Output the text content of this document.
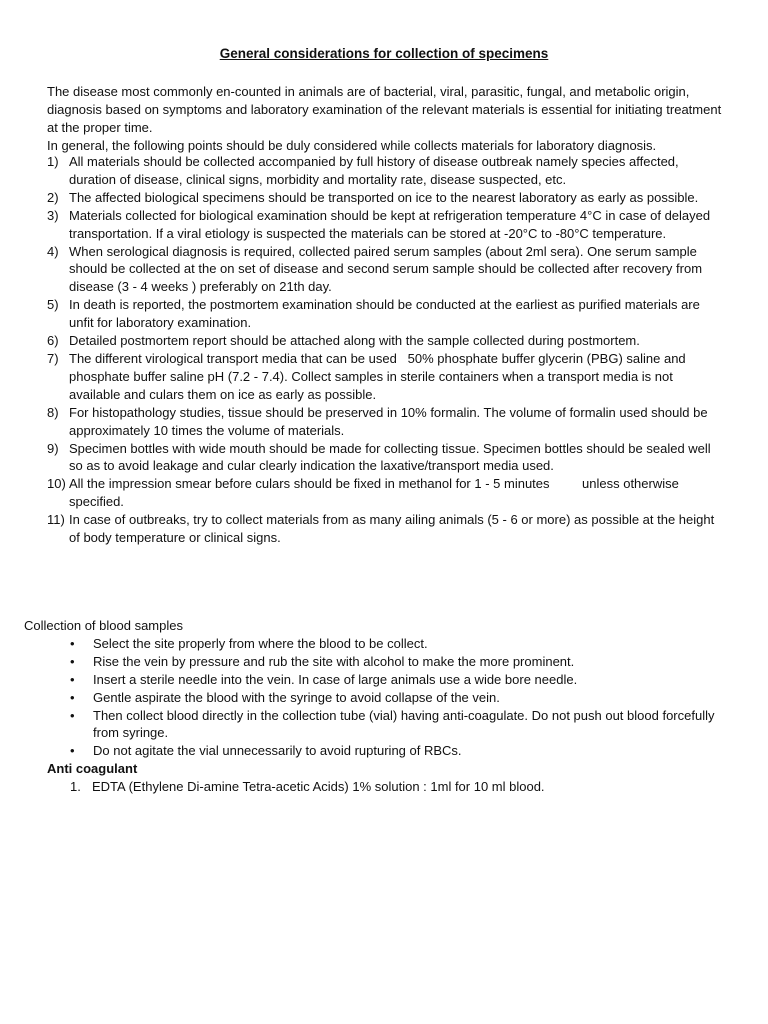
General considerations for collection of specimens

The disease most commonly en-counted in animals are of bacterial, viral, parasitic, fungal, and metabolic origin, diagnosis based on symptoms and laboratory examination of the relevant materials is essential for initiating treatment at the proper time.

In general, the following points should be duly considered while collects materials for laboratory diagnosis.

1) All materials should be collected accompanied by full history of disease outbreak namely species affected, duration of disease, clinical signs, morbidity and mortality rate, disease suspected, etc.
2) The affected biological specimens should be transported on ice to the nearest laboratory as early as possible.
3) Materials collected for biological examination should be kept at refrigeration temperature 4°C in case of delayed transportation. If a viral etiology is suspected the materials can be stored at -20°C to -80°C temperature.
4) When serological diagnosis is required, collected paired serum samples (about 2ml sera). One serum sample should be collected at the on set of disease and second serum sample should be collected after recovery from disease (3 - 4 weeks ) preferably on 21th day.
5) In death is reported, the postmortem examination should be conducted at the earliest as purified materials are unfit for laboratory examination.
6) Detailed postmortem report should be attached along with the sample collected during postmortem.
7) The different virological transport media that can be used   50% phosphate buffer glycerin (PBG) saline and phosphate buffer saline pH (7.2 - 7.4). Collect samples in sterile containers when a transport media is not available and culars them on ice as early as possible.
8) For histopathology studies, tissue should be preserved in 10% formalin. The volume of formalin used should be approximately 10 times the volume of materials.
9) Specimen bottles with wide mouth should be made for collecting tissue. Specimen bottles should be sealed well so as to avoid leakage and cular clearly indication the laxative/transport media used.
10) All the impression smear before culars should be fixed in methanol for 1 - 5 minutes         unless otherwise specified.
11) In case of outbreaks, try to collect materials from as many ailing animals (5 - 6 or more) as possible at the height of body temperature or clinical signs.

Collection of blood samples

• Select the site properly from where the blood to be collect.
• Rise the vein by pressure and rub the site with alcohol to make the more prominent.
• Insert a sterile needle into the vein. In case of large animals use a wide bore needle.
• Gentle aspirate the blood with the syringe to avoid collapse of the vein.
• Then collect blood directly in the collection tube (vial) having anti-coagulate. Do not push out blood forcefully from syringe.
• Do not agitate the vial unnecessarily to avoid rupturing of RBCs.

Anti coagulant

1. EDTA (Ethylene Di-amine Tetra-acetic Acids) 1% solution : 1ml for 10 ml blood.
